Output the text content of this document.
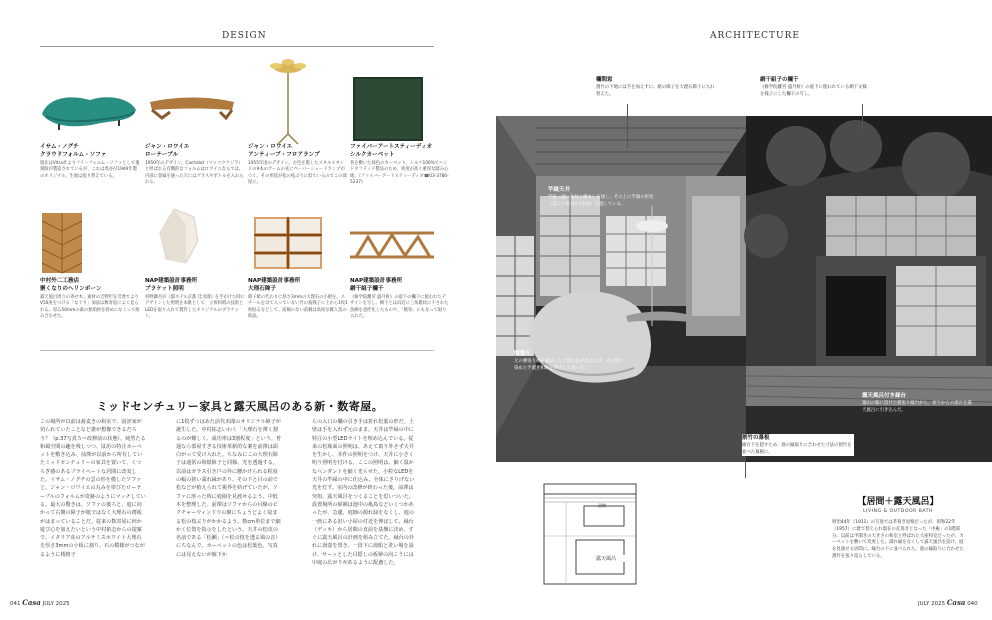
DESIGN
イサム・ノグチ
クラウドフォルム・ソファ
現在はVitra社よりフリーフォルム・ソファとして復刻版が製造されているが、これは黒谷が1949年製のオリジナル。生地は張り替えている。
ジャン・ロワイエ
ローテーブル
1950年のデザイン。Cachalot（マッコウクジラ）と呼ばれる有機的なフォルムはロワイエならでは。内部に金属を通った穴にはグラスやボトルを入れられる。
ジャン・ロワイエ
アンティーブ・フロアランプ
1955年頃のデザイン。古色を施したメタルスタンドの9本のアームの先にペーパーシェードランプがつく。その形状が松の枝ぶりに似ているのでこの部屋に。
ファイバーアートスティーディオ
シルクカーペット
苔を敷いた緑色のカーペット。シルク100%でハンドタフティド製法のため、密度が高く重厚な踏み心地。《ファイバーアートスティーディオ☎03-3780-5237》
中村外二工務店
聚くなりのへリンボーン
露天風呂周りの寄せ木。素材の吉野杉を芳香でよりV50度をつける「なぐり」加法は数寄屋によく見られる。厚み50mmの素の無垢材を斜めになくって組み合わせた。
NAP建築設計事務所
ブラケット照明
村野藤吾が《都ホテル京都 佳水園》を手がけた時にデザインした照明を本歌として、立体和紙の技術とLEDを取り入れて製作したオリジナルのブラケット。
NAP建築設計事務所
大理石障子
障子紙の代わりに厚さ3mmの大理石の小板を。スチールを以て入っていない竹の枝桟子に上から1枚1枚貼るなどして。前桐のない前桐は高度な職人技の結晶。
NAP建築設計事務所
網干組子欄干
《修学院離宮 盛月軒》の庭下の欄干に使われたデザインを写し。網干とは浜辺に三角錐状に干された魚網を意匠化したもので、「数寄」にもなって取り入れた。
ミッドセンチュリー家具と露天風呂のある新・数寄屋。
この場所が以前は蕎麦きの和室で、固評家が切られていたことなど誰が想像できるだろう？（p.37写真５＝改修前の状態）。純然たる和風空間の趣を残しつつ、鼠坊の特注カーペットを敷き込み、前澤が以前から所有していたミッドセンチュリーの家具を置いて、くつろぎ感のあるプライベートな居間に改変した。イサム・ノグチの雲の形を模したソファと、ジャン・ロワイエの丸みを帯びたローテーブルのフォルムが奇跡のようにマッチしている。最大の驚きは、ソファの後ろと、庭に向かって右側の障子が紙ではなく大理石の薄板がはまっていることだ。従来の数寄屋に何か遊び心を加えたいという中村拓志からの提案で、イタリア産のアルテミスホワイト大理石を厚さ3mmの小板に割り、石の模様がつながるように桟格子
に1枚ずつはめた前代未聞のオリジナル障子が誕生した。中村拓志いわく「大理石を薄く割るのが難しく、成功率は3割程度」という。普通なら部屋すぎる技術革新的な案を前澤は面白がって受け入れた。ちなみにこの大理石障子は通常の和紙障子と同様、光を透過する。以前はガラス引き戸の外に腰かけられる程度の幅の狭い濡れ縁があり、その下と目の前で松などが植えられて視界を妨げていたが、ソファに座った時に庭園を見渡せるよう、中低木を整理した。前澤はソファからの目線のピクチャーウィンドウの額にちょうどよく収まる松の枝ぶりがかかるよう、数cm単位まで細かく位置を指示をしたという。天井の松皮の名前である「松瀬」（＝松の枝を透る風の音）にちなんで、カーペットの色は松葉色。写真には見えないが廊下か
らの入口の欄の引き手は折れ松葉の形だ。土壁は手を入れず元のまま。天井は竿縁の中に特注の小型LEDライトを埋め込んでいる。従来の松瓶面の照明は、あえて取り外さず天井を生かし、本件の照明をつけ、天井に小さく明り照明を付ける。ここの照明は、細く温かなペンダントを細く光らせた、小粒なLEDを天井の竿縁の中に仕込み、全体にさりげない光を灯す。室内の改修が終わった後、前澤は突如、露天風呂をつくることを思いついた。設置場所の候補は池中の亀島などいくつかあったが、急遽、庭師の源れ緑をなくし、庭の一画にある旧い小屋の付近を伸ばして、縁台（デッキ）から居間の直前を基盤に決め、すぐに露天風呂の計画を組み立てた。縁台の外れに湯壺を置き、一段下に湯船と洗い場を設け、サーッとした目隠しの板塀の向こうには中庭の広がりがあるように配慮した。
041 Casa JULY 2025
ARCHITECTURE
欄間窓
割竹の下地には手を加えずに、紙の障子を大理石障子に入れ替えた。
網干組子の欄干
《修学院離宮 盛月軒》の庭下に使われている網干文様を桟子にした欄干の写し。
竿縁天井
竿縁（細い角材の横木）を通し、その上に竿縁の形状（美しい木目の1本材）を施している。
腰張り
元の腰張り紙を剥がした土壁の色が見えれば、その色に染めた手漉き和紙を特注して張った。
露天風呂付き縁台
築山の脇に設けた板張り縁台から、屋下からの流れを露天風呂に引き込んだ。
割竹の幕板
縁台下を隠すため、庭の縁取りに合わせた寸法の割竹を並べた幕板に。
居間
露天風呂
【居間＋露天風呂】
LIVING & OUTDOOR BATH
明治44年（1911）の写真では茅葺き屋根だったが、昭和22年（1957）に建て替えられ現在の瓦葺きとなった「中庵」の1階部分。以前は半開きの大きさの和室と呼ばれた大座和室だったが、カーペットを敷いて変更した。濡れ縁をなくして露天風呂を設け、庭を見渡せる居間に。縁台の下に並べられた、庭の縁取りに合わせた割竹を張り巡らしている。
JULY 2025 Casa 040
